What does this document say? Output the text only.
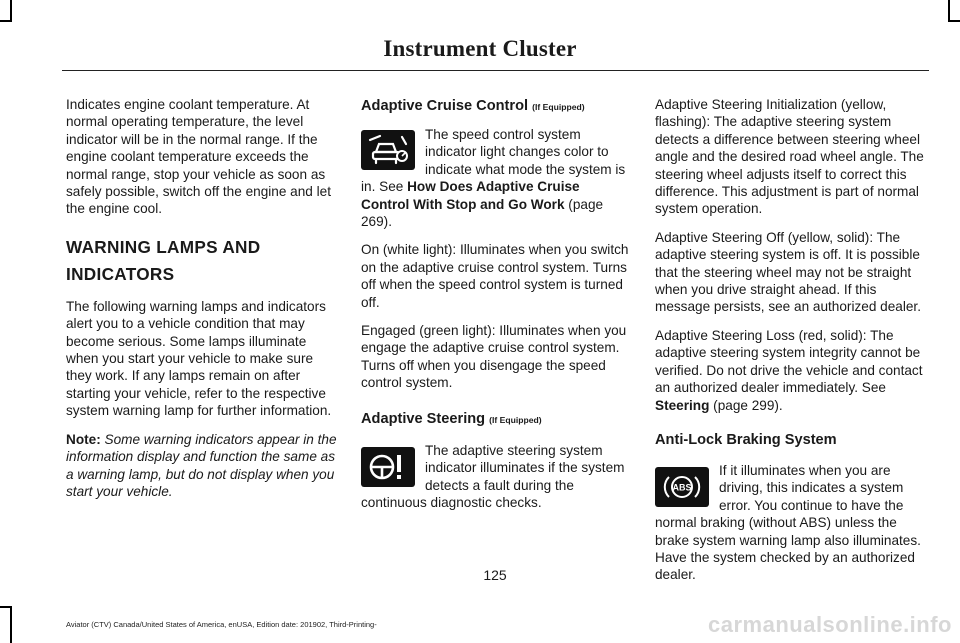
Instrument Cluster

Indicates engine coolant temperature. At normal operating temperature, the level indicator will be in the normal range. If the engine coolant temperature exceeds the normal range, stop your vehicle as soon as safely possible, switch off the engine and let the engine cool.

WARNING LAMPS AND
INDICATORS

The following warning lamps and indicators alert you to a vehicle condition that may become serious. Some lamps illuminate when you start your vehicle to make sure they work. If any lamps remain on after starting your vehicle, refer to the respective system warning lamp for further information.

Note: Some warning indicators appear in the information display and function the same as a warning lamp, but do not display when you start your vehicle.

Adaptive Cruise Control (If Equipped)

The speed control system indicator light changes color to indicate what mode the system is in. See How Does Adaptive Cruise Control With Stop and Go Work (page 269).

On (white light): Illuminates when you switch on the adaptive cruise control system. Turns off when the speed control system is turned off.

Engaged (green light): Illuminates when you engage the adaptive cruise control system. Turns off when you disengage the speed control system.

Adaptive Steering (If Equipped)

The adaptive steering system indicator illuminates if the system detects a fault during the continuous diagnostic checks.

Adaptive Steering Initialization (yellow, flashing): The adaptive steering system detects a difference between steering wheel angle and the desired road wheel angle. The steering wheel adjusts itself to correct this difference. This adjustment is part of normal system operation.

Adaptive Steering Off (yellow, solid): The adaptive steering system is off. It is possible that the steering wheel may not be straight when you drive straight ahead. If this message persists, see an authorized dealer.

Adaptive Steering Loss (red, solid): The adaptive steering system integrity cannot be verified. Do not drive the vehicle and contact an authorized dealer immediately. See Steering (page 299).

Anti-Lock Braking System
ABS

If it illuminates when you are driving, this indicates a system error. You continue to have the normal braking (without ABS) unless the brake system warning lamp also illuminates. Have the system checked by an authorized dealer.

125
Aviator (CTV) Canada/United States of America, enUSA, Edition date: 201902, Third-Printing-	carmanualsonline.info
